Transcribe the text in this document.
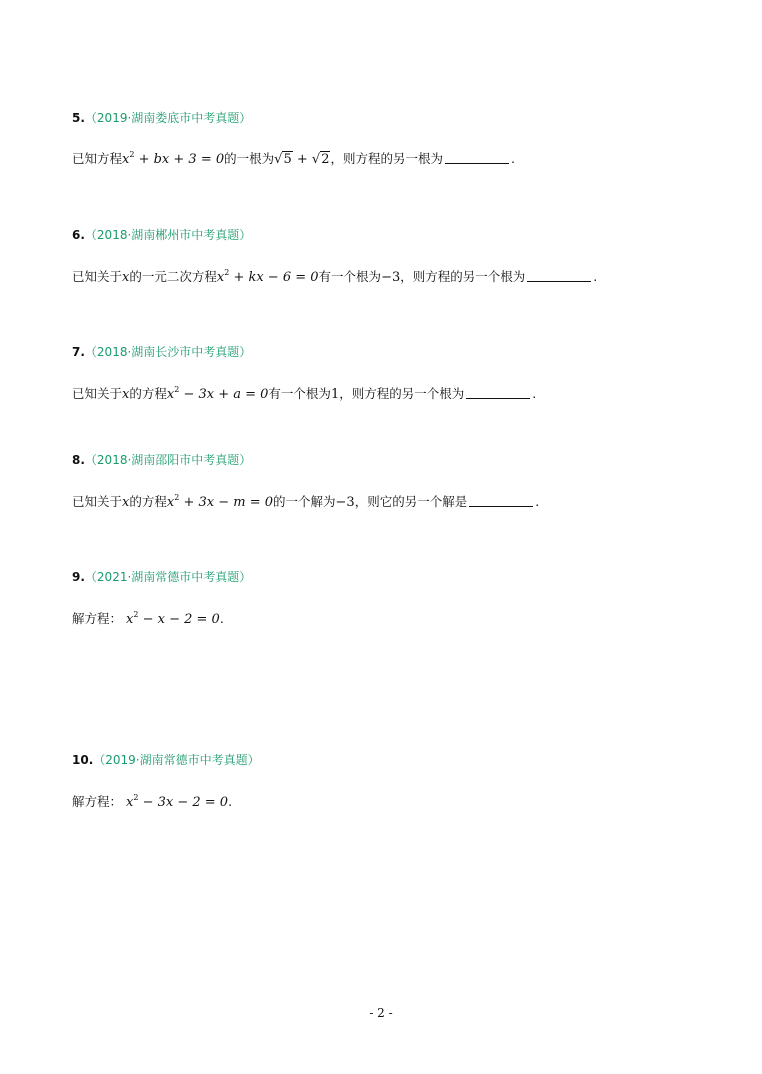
5.（2019·湖南娄底市中考真题）
已知方程$x^2$ + bx + 3 = 0的一根为√5 + √2，则方程的另一根为	.
6.（2018·湖南郴州市中考真题）
已知关于x的一元二次方程$x^2$ + kx − 6 = 0有一个根为−3，则方程的另一个根为	.
7.（2018·湖南长沙市中考真题）
已知关于x的方程$x^2 - 3x + a = 0$有一个根为1，则方程的另一个根为	.
8.（2018·湖南邵阳市中考真题）
已知关于x的方程$x^2 + 3x - m = 0$的一个解为−3，则它的另一个解是	.
9.（2021·湖南常德市中考真题）
解方程： $x^2 - x - 2 = 0$.
10.（2019·湖南常德市中考真题）
解方程： $x^2 - 3x - 2 = 0$.
- 2 -
